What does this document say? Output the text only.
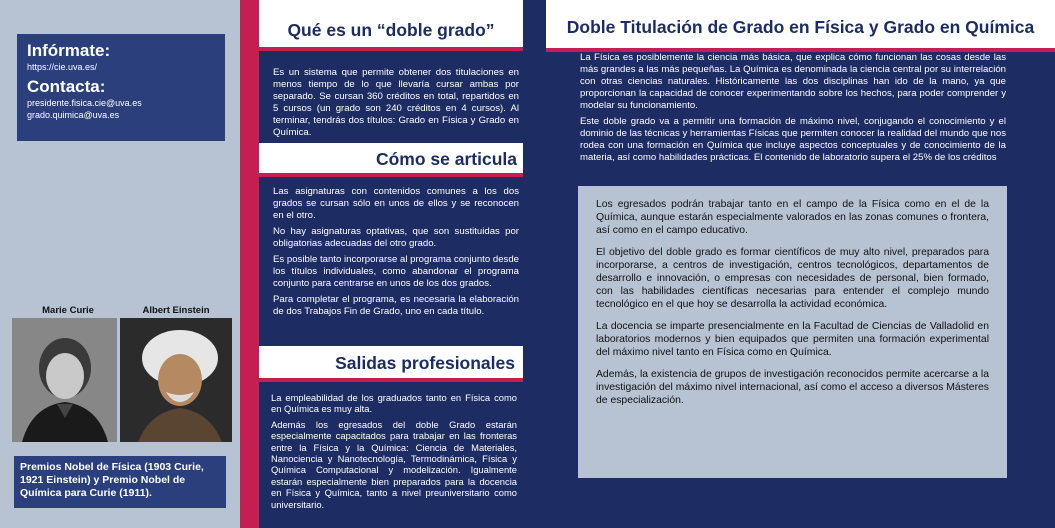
Infórmate:
https://cie.uva.es/
Contacta:
presidente.fisica.cie@uva.es
grado.quimica@uva.es
Marie Curie	Albert Einstein
Premios Nobel de Física (1903 Curie, 1921 Einstein) y Premio Nobel de Química para Curie (1911).
Qué es un “doble grado”

Es un sistema que permite obtener dos titulaciones en menos tiempo de lo que llevaría cursar ambas por separado. Se cursan 360 créditos en total, repartidos en 5 cursos (un grado son 240 créditos en 4 cursos). Al terminar, tendrás dos títulos: Grado en Física y Grado en Química.

Cómo se articula

Las asignaturas con contenidos comunes a los dos grados se cursan sólo en unos de ellos y se reconocen en el otro.

No hay asignaturas optativas, que son sustituidas por obligatorias adecuadas del otro grado.

Es posible tanto incorporarse al programa conjunto desde los títulos individuales, como abandonar el programa conjunto para centrarse en unos de los dos grados.

Para completar el programa, es necesaria la elaboración de dos Trabajos Fin de Grado, uno en cada título.

Salidas profesionales

La empleabilidad de los graduados tanto en Física como en Química es muy alta.

Además los egresados del doble Grado estarán especialmente capacitados para trabajar en las fronteras entre la Física y la Química: Ciencia de Materiales, Nanociencia y Nanotecnología, Termodinámica, Física y Química Computacional y modelización. Igualmente estarán especialmente bien preparados para la docencia en Física y Química, tanto a nivel preuniversitario como universitario.

Doble Titulación de Grado en Física y Grado en Química

La Física es posiblemente la ciencia más básica, que explica cómo funcionan las cosas desde las más grandes a las más pequeñas. La Química es denominada la ciencia central por su interrelación con otras ciencias naturales. Históricamente las dos disciplinas han ido de la mano, ya que proporcionan la capacidad de conocer experimentando sobre los hechos, para poder comprender y modelar su funcionamiento.

Este doble grado va a permitir una formación de máximo nivel, conjugando el conocimiento y el dominio de las técnicas y herramientas Físicas que permiten conocer la realidad del mundo que nos rodea con una formación en Química que incluye aspectos conceptuales y de conocimiento de la materia, así como habilidades prácticas. El contenido de laboratorio supera el 25% de los créditos

Los egresados podrán trabajar tanto en el campo de la Física como en el de la Química, aunque estarán especialmente valorados en las zonas comunes o frontera, así como en el campo educativo.

El objetivo del doble grado es formar científicos de muy alto nivel, preparados para incorporarse, a centros de investigación, centros tecnológicos, departamentos de desarrollo e innovación, o empresas con necesidades de personal, bien formado, con las habilidades científicas necesarias para entender el complejo mundo tecnológico en el que hoy se desarrolla la actividad económica.

La docencia se imparte presencialmente en la Facultad de Ciencias de Valladolid en laboratorios modernos y bien equipados que permiten una formación experimental del máximo nivel tanto en Física como en Química.

Además, la existencia de grupos de investigación reconocidos permite acercarse a la investigación del máximo nivel internacional, así como el acceso a diversos Másteres de especialización.
